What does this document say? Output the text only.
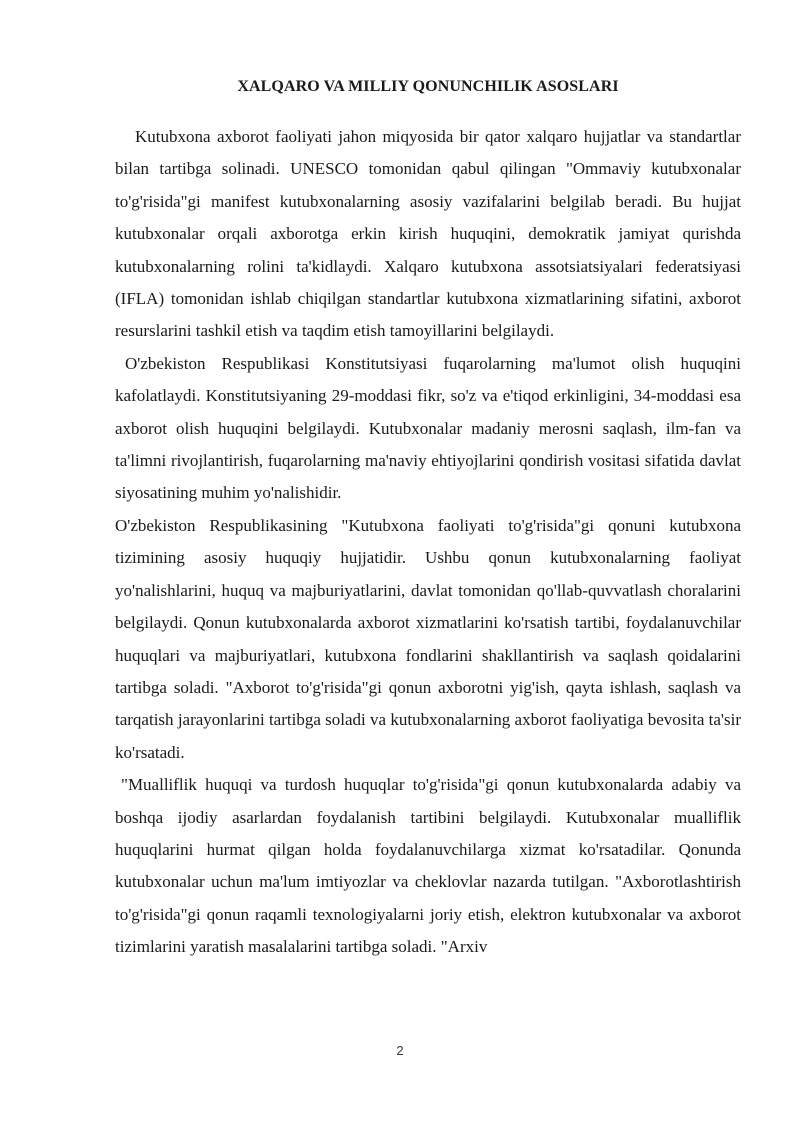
XALQARO VA MILLIY QONUNCHILIK ASOSLARI

Kutubxona axborot faoliyati jahon miqyosida bir qator xalqaro hujjatlar va standartlar bilan tartibga solinadi. UNESCO tomonidan qabul qilingan "Ommaviy kutubxonalar to'g'risida"gi manifest kutubxonalarning asosiy vazifalarini belgilab beradi. Bu hujjat kutubxonalar orqali axborotga erkin kirish huquqini, demokratik jamiyat qurishda kutubxonalarning rolini ta'kidlaydi. Xalqaro kutubxona assotsiatsiyalari federatsiyasi (IFLA) tomonidan ishlab chiqilgan standartlar kutubxona xizmatlarining sifatini, axborot resurslarini tashkil etish va taqdim etish tamoyillarini belgilaydi.

O'zbekiston Respublikasi Konstitutsiyasi fuqarolarning ma'lumot olish huquqini kafolatlaydi. Konstitutsiyaning 29-moddasi fikr, so'z va e'tiqod erkinligini, 34-moddasi esa axborot olish huquqini belgilaydi. Kutubxonalar madaniy merosni saqlash, ilm-fan va ta'limni rivojlantirish, fuqarolarning ma'naviy ehtiyojlarini qondirish vositasi sifatida davlat siyosatining muhim yo'nalishidir.

O'zbekiston Respublikasining "Kutubxona faoliyati to'g'risida"gi qonuni kutubxona tizimining asosiy huquqiy hujjatidir. Ushbu qonun kutubxonalarning faoliyat yo'nalishlarini, huquq va majburiyatlarini, davlat tomonidan qo'llab-quvvatlash choralarini belgilaydi. Qonun kutubxonalarda axborot xizmatlarini ko'rsatish tartibi, foydalanuvchilar huquqlari va majburiyatlari, kutubxona fondlarini shakllantirish va saqlash qoidalarini tartibga soladi. "Axborot to'g'risida"gi qonun axborotni yig'ish, qayta ishlash, saqlash va tarqatish jarayonlarini tartibga soladi va kutubxonalarning axborot faoliyatiga bevosita ta'sir ko'rsatadi.

"Mualliflik huquqi va turdosh huquqlar to'g'risida"gi qonun kutubxonalarda adabiy va boshqa ijodiy asarlardan foydalanish tartibini belgilaydi. Kutubxonalar mualliflik huquqlarini hurmat qilgan holda foydalanuvchilarga xizmat ko'rsatadilar. Qonunda kutubxonalar uchun ma'lum imtiyozlar va cheklovlar nazarda tutilgan. "Axborotlashtirish to'g'risida"gi qonun raqamli texnologiyalarni joriy etish, elektron kutubxonalar va axborot tizimlarini yaratish masalalarini tartibga soladi. "Arxiv

2
